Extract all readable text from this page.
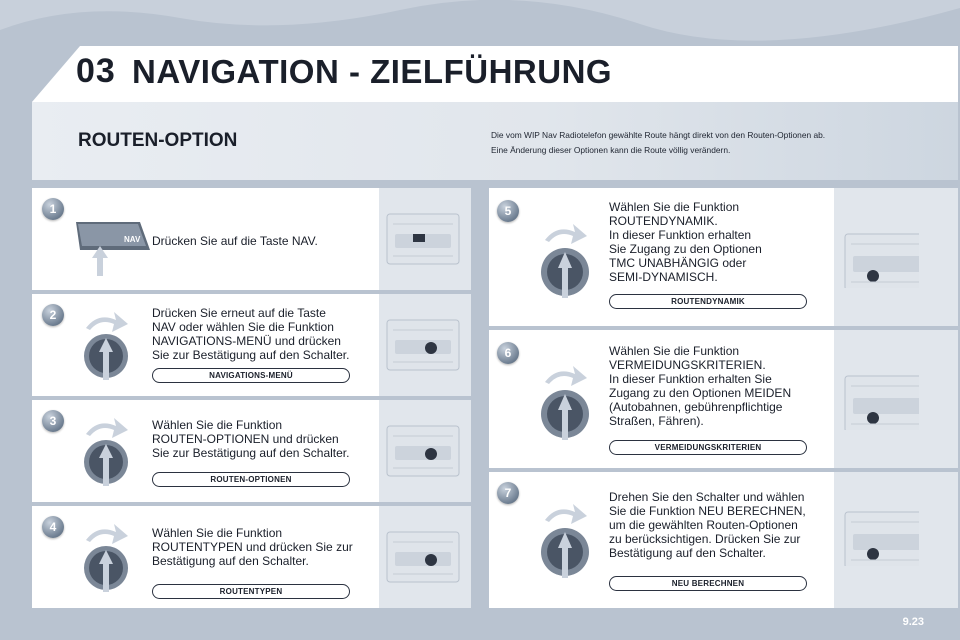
03 NAVIGATION - ZIELFÜHRUNG
ROUTEN-OPTION	Die vom WIP Nav Radiotelefon gewählte Route hängt direkt von den Routen-Optionen ab.
Eine Änderung dieser Optionen kann die Route völlig verändern.
1
NAV Drücken Sie auf die Taste NAV.
2	Drücken Sie erneut auf die Taste
NAV oder wählen Sie die Funktion
NAVIGATIONS-MENÜ und drücken
Sie zur Bestätigung auf den Schalter.
NAVIGATIONS-MENÜ
3	Wählen Sie die Funktion
ROUTEN-OPTIONEN und drücken
Sie zur Bestätigung auf den Schalter.
ROUTEN-OPTIONEN
4	Wählen Sie die Funktion
ROUTENTYPEN und drücken Sie zur
Bestätigung auf den Schalter.
ROUTENTYPEN
5	Wählen Sie die Funktion
ROUTENDYNAMIK.
In dieser Funktion erhalten
Sie Zugang zu den Optionen
TMC UNABHÄNGIG oder
SEMI-DYNAMISCH.
ROUTENDYNAMIK
6	Wählen Sie die Funktion
VERMEIDUNGSKRITERIEN.
In dieser Funktion erhalten Sie
Zugang zu den Optionen MEIDEN
(Autobahnen, gebührenpflichtige
Straßen, Fähren).
VERMEIDUNGSKRITERIEN
7	Drehen Sie den Schalter und wählen
Sie die Funktion NEU BERECHNEN,
um die gewählten Routen-Optionen
zu berücksichtigen. Drücken Sie zur
Bestätigung auf den Schalter.
NEU BERECHNEN
9.23
